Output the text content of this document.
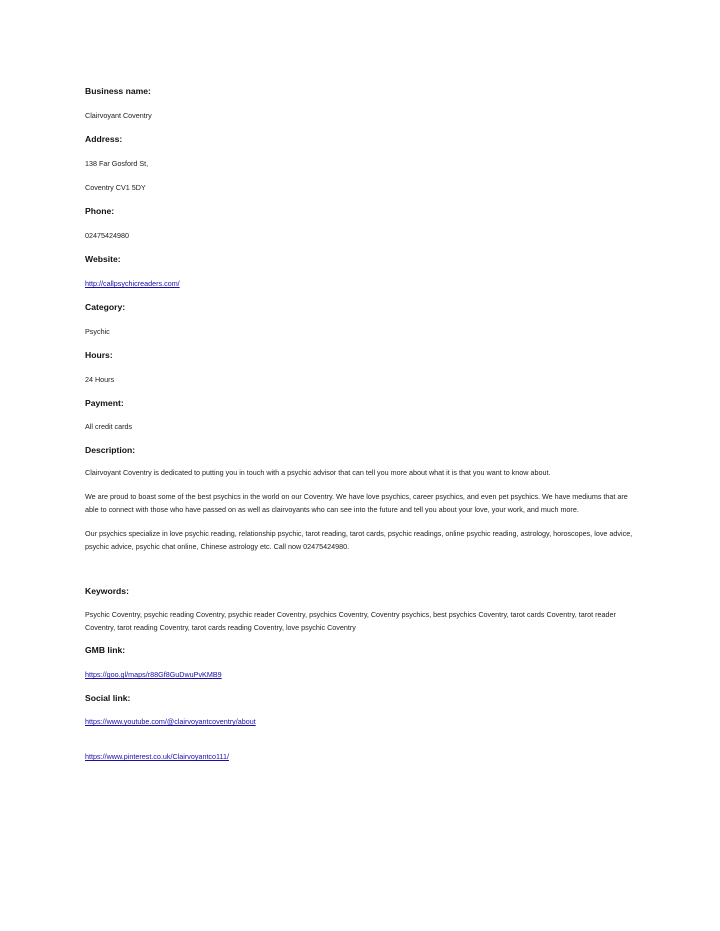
Business name:
Clairvoyant Coventry
Address:
138 Far Gosford St,
Coventry CV1 5DY
Phone:
02475424980
Website:
http://callpsychicreaders.com/
Category:
Psychic
Hours:
24 Hours
Payment:
All credit cards
Description:
Clairvoyant Coventry is dedicated to putting you in touch with a psychic advisor that can tell you more about what it is that you want to know about.
We are proud to boast some of the best psychics in the world on our Coventry. We have love psychics, career psychics, and even pet psychics. We have mediums that are able to connect with those who have passed on as well as clairvoyants who can see into the future and tell you about your love, your work, and much more.
Our psychics specialize in love psychic reading, relationship psychic, tarot reading, tarot cards, psychic readings, online psychic reading, astrology, horoscopes, love advice, psychic advice, psychic chat online, Chinese astrology etc. Call now 02475424980.
Keywords:
Psychic Coventry, psychic reading Coventry, psychic reader Coventry, psychics Coventry, Coventry psychics, best psychics Coventry, tarot cards Coventry, tarot reader Coventry, tarot reading Coventry, tarot cards reading Coventry, love psychic Coventry
GMB link:
https://goo.gl/maps/r88Gf8GuDwuPvKMB9
Social link:
https://www.youtube.com/@clairvoyantcoventry/about
https://www.pinterest.co.uk/Clairvoyantco111/
